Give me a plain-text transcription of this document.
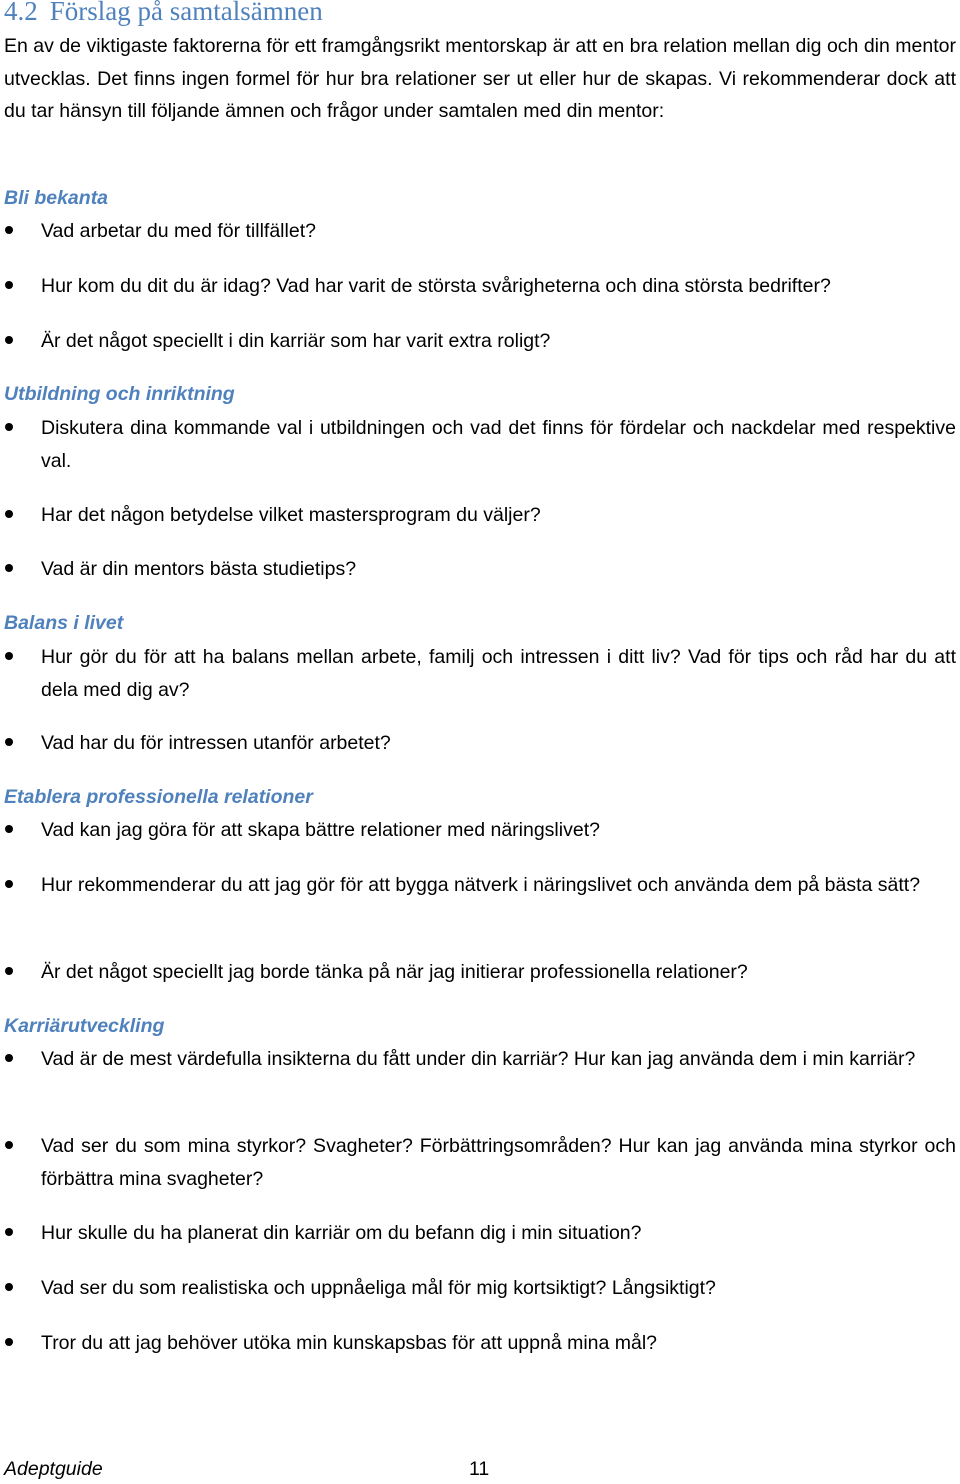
4.2 Förslag på samtalsämnen

En av de viktigaste faktorerna för ett framgångsrikt mentorskap är att en bra relation mellan dig och din mentor utvecklas. Det finns ingen formel för hur bra relationer ser ut eller hur de skapas. Vi rekommenderar dock att du tar hänsyn till följande ämnen och frågor under samtalen med din mentor:

Bli bekanta

Vad arbetar du med för tillfället?

Hur kom du dit du är idag? Vad har varit de största svårigheterna och dina största bedrifter?

Är det något speciellt i din karriär som har varit extra roligt?

Utbildning och inriktning

Diskutera dina kommande val i utbildningen och vad det finns för fördelar och nackdelar med respektive val.

Har det någon betydelse vilket mastersprogram du väljer?

Vad är din mentors bästa studietips?

Balans i livet

Hur gör du för att ha balans mellan arbete, familj och intressen i ditt liv? Vad för tips och råd har du att dela med dig av?

Vad har du för intressen utanför arbetet?

Etablera professionella relationer

Vad kan jag göra för att skapa bättre relationer med näringslivet?

Hur rekommenderar du att jag gör för att bygga nätverk i näringslivet och använda dem på bästa sätt?

Är det något speciellt jag borde tänka på när jag initierar professionella relationer?

Karriärutveckling

Vad är de mest värdefulla insikterna du fått under din karriär? Hur kan jag använda dem i min karriär?

Vad ser du som mina styrkor? Svagheter? Förbättringsområden? Hur kan jag använda mina styrkor och förbättra mina svagheter?

Hur skulle du ha planerat din karriär om du befann dig i min situation?

Vad ser du som realistiska och uppnåeliga mål för mig kortsiktigt? Långsiktigt?

Tror du att jag behöver utöka min kunskapsbas för att uppnå mina mål?

Adeptguide	11
